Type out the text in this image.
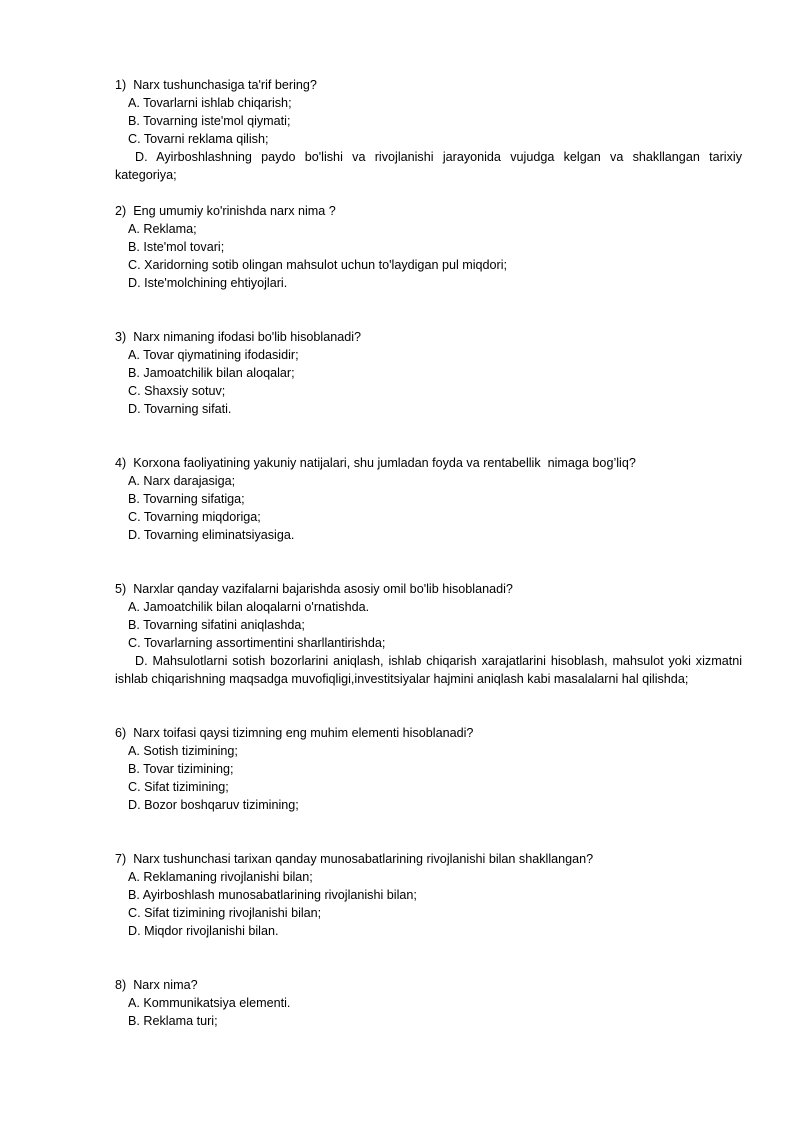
1)  Narx tushunchasiga ta'rif bering?
A. Tovarlarni ishlab chiqarish;
B. Tovarning iste'mol qiymati;
C. Tovarni reklama qilish;
D. Ayirboshlashning paydo bo'lishi va rivojlanishi jarayonida vujudga kelgan va shakllangan tarixiy kategoriya;
2)  Eng umumiy ko'rinishda narx nima ?
A. Reklama;
B. Iste'mol tovari;
C. Xaridorning sotib olingan mahsulot uchun to'laydigan pul miqdori;
D. Iste'molchining ehtiyojlari.
3)  Narx nimaning ifodasi bo'lib hisoblanadi?
A. Tovar qiymatining ifodasidir;
B. Jamoatchilik bilan aloqalar;
C. Shaxsiy sotuv;
D. Tovarning sifati.
4)  Korxona faoliyatining yakuniy natijalari, shu jumladan foyda va rentabellik  nimaga bog’liq?
A. Narx darajasiga;
B. Tovarning sifatiga;
C. Tovarning miqdoriga;
D. Tovarning eliminatsiyasiga.
5)  Narxlar qanday vazifalarni bajarishda asosiy omil bo'lib hisoblanadi?
A. Jamoatchilik bilan aloqalarni o'rnatishda.
B. Tovarning sifatini aniqlashda;
C. Tovarlarning assortimentini sharllantirishda;
D. Mahsulotlarni sotish bozorlarini aniqlash, ishlab chiqarish xarajatlarini hisoblash, mahsulot yoki xizmatni ishlab chiqarishning maqsadga muvofiqligi,investitsiyalar hajmini aniqlash kabi masalalarni hal qilishda;
6)  Narx toifasi qaysi tizimning eng muhim elementi hisoblanadi?
A. Sotish tizimining;
B. Tovar tizimining;
C. Sifat tizimining;
D. Bozor boshqaruv tizimining;
7)  Narx tushunchasi tarixan qanday munosabatlarining rivojlanishi bilan shakllangan?
A. Reklamaning rivojlanishi bilan;
B. Ayirboshlash munosabatlarining rivojlanishi bilan;
C. Sifat tizimining rivojlanishi bilan;
D. Miqdor rivojlanishi bilan.
8)  Narx nima?
A. Kommunikatsiya elementi.
B. Reklama turi;
